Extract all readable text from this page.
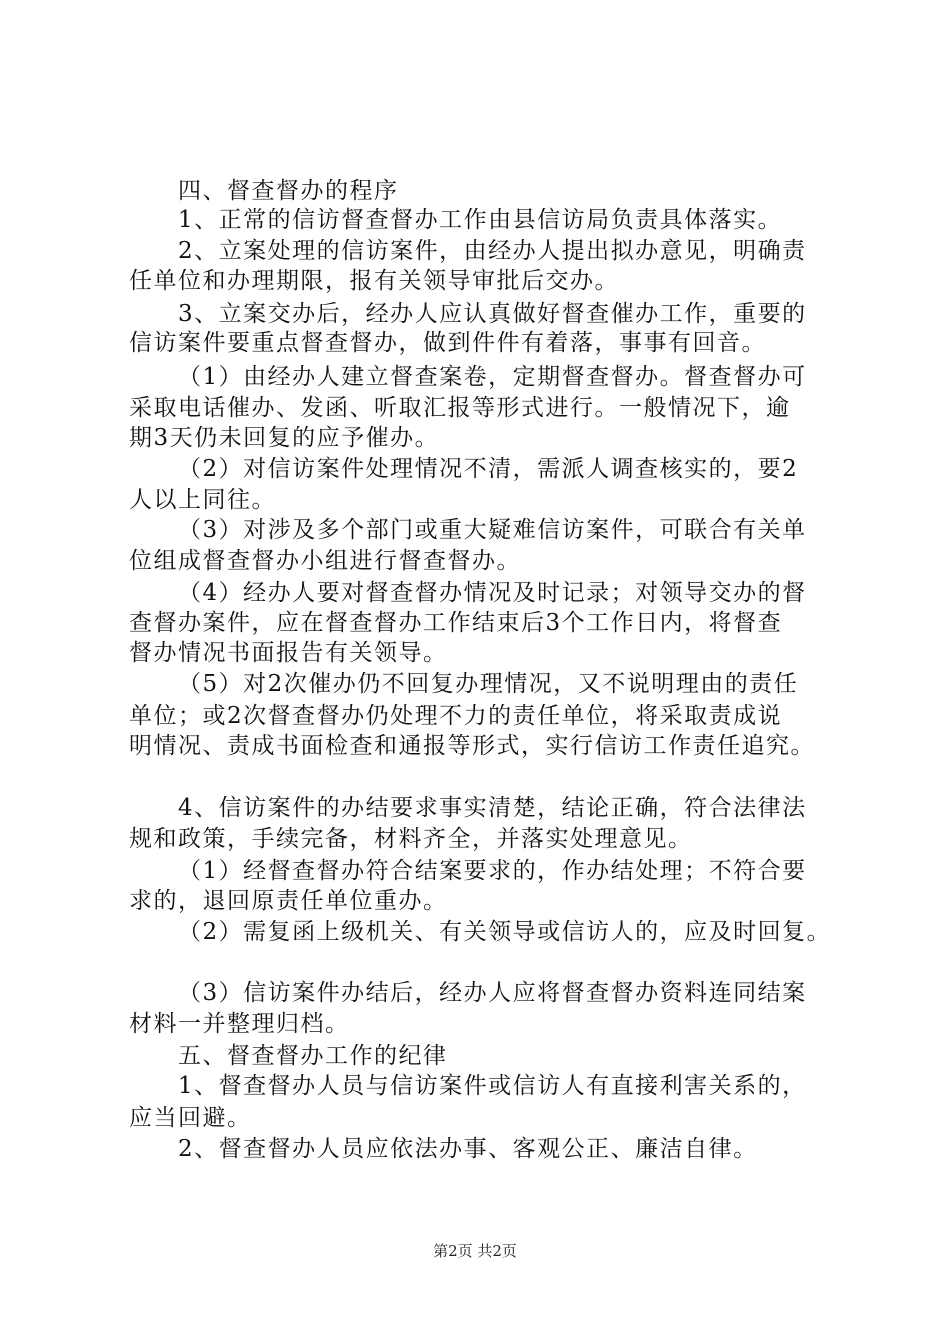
四、督查督办的程序
1、正常的信访督查督办工作由县信访局负责具体落实。
2、立案处理的信访案件，由经办人提出拟办意见，明确责
任单位和办理期限，报有关领导审批后交办。
3、立案交办后，经办人应认真做好督查催办工作，重要的
信访案件要重点督查督办，做到件件有着落，事事有回音。
（1）由经办人建立督查案卷，定期督查督办。督查督办可
采取电话催办、发函、听取汇报等形式进行。一般情况下，逾
期3天仍未回复的应予催办。
（2）对信访案件处理情况不清，需派人调查核实的，要2
人以上同往。
（3）对涉及多个部门或重大疑难信访案件，可联合有关单
位组成督查督办小组进行督查督办。
（4）经办人要对督查督办情况及时记录；对领导交办的督
查督办案件，应在督查督办工作结束后3个工作日内，将督查
督办情况书面报告有关领导。
（5）对2次催办仍不回复办理情况，又不说明理由的责任
单位；或2次督查督办仍处理不力的责任单位，将采取责成说
明情况、责成书面检查和通报等形式，实行信访工作责任追究。
4、信访案件的办结要求事实清楚，结论正确，符合法律法
规和政策，手续完备，材料齐全，并落实处理意见。
（1）经督查督办符合结案要求的，作办结处理；不符合要
求的，退回原责任单位重办。
（2）需复函上级机关、有关领导或信访人的，应及时回复。
（3）信访案件办结后，经办人应将督查督办资料连同结案
材料一并整理归档。
五、督查督办工作的纪律
1、督查督办人员与信访案件或信访人有直接利害关系的，
应当回避。
2、督查督办人员应依法办事、客观公正、廉洁自律。
第2页 共2页
